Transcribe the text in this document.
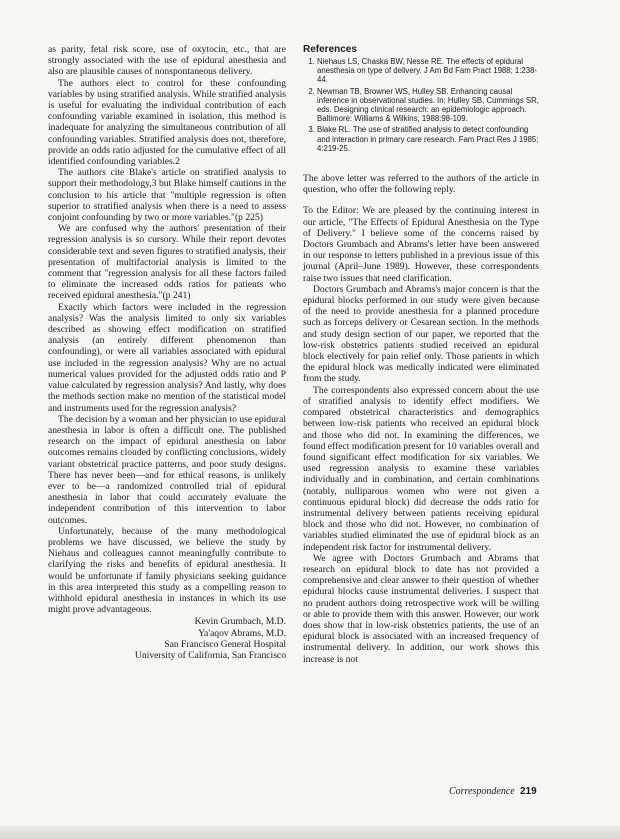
as parity, fetal risk score, use of oxytocin, etc., that are strongly associated with the use of epidural anesthesia and also are plausible causes of nonspontaneous delivery.

The authors elect to control for these confounding variables by using stratified analysis. While stratified analysis is useful for evaluating the individual contribution of each confounding variable examined in isolation, this method is inadequate for analyzing the simultaneous contribution of all confounding variables. Stratified analysis does not, therefore, provide an odds ratio adjusted for the cumulative effect of all identified confounding variables.2

The authors cite Blake's article on stratified analysis to support their methodology,3 but Blake himself cautions in the conclusion to his article that "multiple regression is often superior to stratified analysis when there is a need to assess conjoint confounding by two or more variables."(p 225)

We are confused why the authors' presentation of their regression analysis is so cursory. While their report devotes considerable text and seven figures to stratified analysis, their presentation of multifactorial analysis is limited to the comment that "regression analysis for all these factors failed to eliminate the increased odds ratios for patients who received epidural anesthesia."(p 241)

Exactly which factors were included in the regression analysis? Was the analysis limited to only six variables described as showing effect modification on stratified analysis (an entirely different phenomenon than confounding), or were all variables associated with epidural use included in the regression analysis? Why are no actual numerical values provided for the adjusted odds ratio and P value calculated by regression analysis? And lastly, why does the methods section make no mention of the statistical model and instruments used for the regression analysis?

The decision by a woman and her physician to use epidural anesthesia in labor is often a difficult one. The published research on the impact of epidural anesthesia on labor outcomes remains clouded by conflicting conclusions, widely variant obstetrical practice patterns, and poor study designs. There has never been—and for ethical reasons, is unlikely ever to be—a randomized controlled trial of epidural anesthesia in labor that could accurately evaluate the independent contribution of this intervention to labor outcomes.

Unfortunately, because of the many methodological problems we have discussed, we believe the study by Niehaus and colleagues cannot meaningfully contribute to clarifying the risks and benefits of epidural anesthesia. It would be unfortunate if family physicians seeking guidance in this area interpreted this study as a compelling reason to withhold epidural anesthesia in instances in which its use might prove advantageous.

Kevin Grumbach, M.D.
Ya'aqov Abrams, M.D.
San Francisco General Hospital
University of California, San Francisco
References
1. Niehaus LS, Chaska BW, Nesse RE. The effects of epidural anesthesia on type of delivery. J Am Bd Fam Pract 1988; 1:238-44.
2. Newman TB, Browner WS, Hulley SB. Enhancing causal inference in observational studies. In: Hulley SB, Cummings SR, eds. Designing clinical research: an epidemiologic approach. Baltimore: Williams & Wilkins, 1988:98-109.
3. Blake RL. The use of stratified analysis to detect confounding and interaction in primary care research. Fam Pract Res J 1985; 4:219-25.

The above letter was referred to the authors of the article in question, who offer the following reply.

To the Editor: We are pleased by the continuing interest in our article, "The Effects of Epidural Anesthesia on the Type of Delivery." I believe some of the concerns raised by Doctors Grumbach and Abrams's letter have been answered in our response to letters published in a previous issue of this journal (April–June 1989). However, these correspondents raise two issues that need clarification.

Doctors Grumbach and Abrams's major concern is that the epidural blocks performed in our study were given because of the need to provide anesthesia for a planned procedure such as forceps delivery or Cesarean section. In the methods and study design section of our paper, we reported that the low-risk obstetrics patients studied received an epidural block electively for pain relief only. Those patients in which the epidural block was medically indicated were eliminated from the study.

The correspondents also expressed concern about the use of stratified analysis to identify effect modifiers. We compared obstetrical characteristics and demographics between low-risk patients who received an epidural block and those who did not. In examining the differences, we found effect modification present for 10 variables overall and found significant effect modification for six variables. We used regression analysis to examine these variables individually and in combination, and certain combinations (notably, nulliparous women who were not given a continuous epidural block) did decrease the odds ratio for instrumental delivery between patients receiving epidural block and those who did not. However, no combination of variables studied eliminated the use of epidural block as an independent risk factor for instrumental delivery.

We agree with Doctors Grumbach and Abrams that research on epidural block to date has not provided a comprehensive and clear answer to their question of whether epidural blocks cause instrumental deliveries. I suspect that no prudent authors doing retrospective work will be willing or able to provide them with this answer. However, our work does show that in low-risk obstetrics patients, the use of an epidural block is associated with an increased frequency of instrumental delivery. In addition, our work shows this increase is not

Correspondence 219
